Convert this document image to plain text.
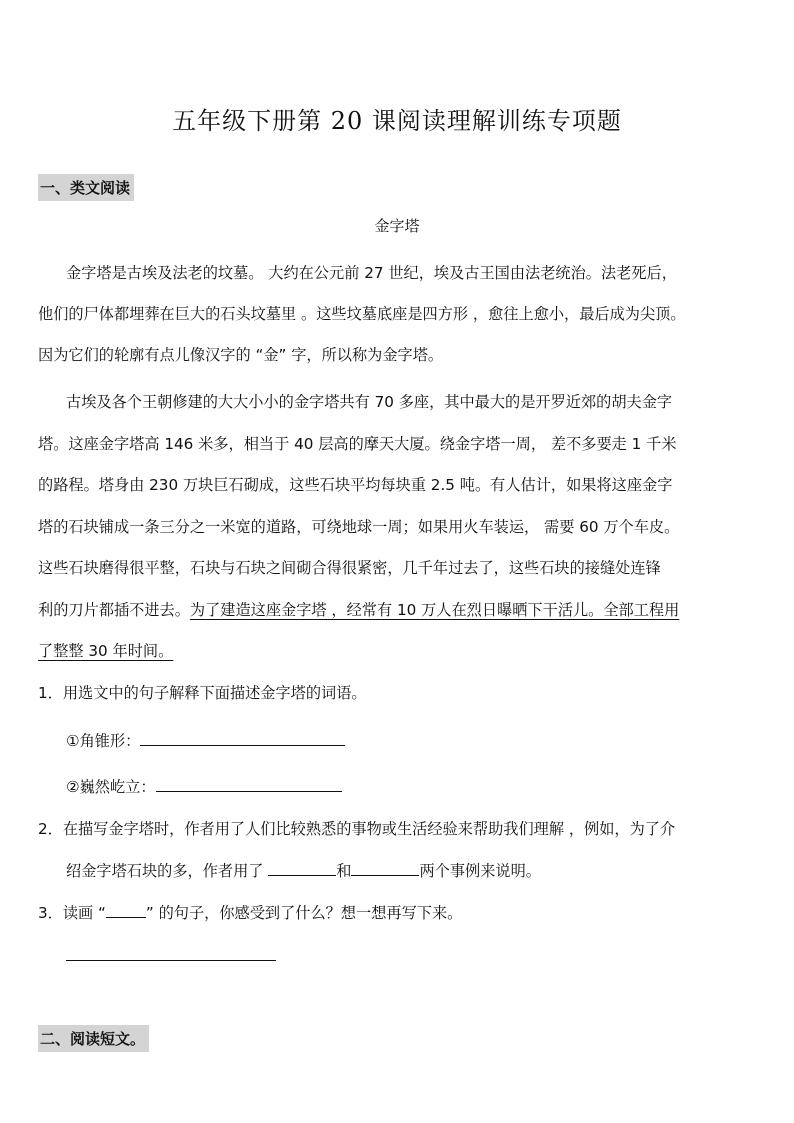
五年级下册第 20 课阅读理解训练专项题
一、类文阅读
金字塔
金字塔是古埃及法老的坟墓。 大约在公元前 27 世纪，埃及古王国由法老统治。法老死后，
他们的尸体都埋葬在巨大的石头坟墓里 。这些坟墓底座是四方形 ，愈往上愈小，最后成为尖顶。
因为它们的轮廓有点儿像汉字的 “金” 字，所以称为金字塔。
古埃及各个王朝修建的大大小小的金字塔共有 70 多座，其中最大的是开罗近郊的胡夫金字
塔。这座金字塔高 146 米多，相当于 40 层高的摩天大厦。绕金字塔一周， 差不多要走 1 千米
的路程。塔身由 230 万块巨石砌成，这些石块平均每块重 2.5 吨。有人估计，如果将这座金字
塔的石块铺成一条三分之一米宽的道路，可绕地球一周；如果用火车装运， 需要 60 万个车皮。
这些石块磨得很平整，石块与石块之间砌合得很紧密，几千年过去了，这些石块的接缝处连锋
利的刀片都插不进去。为了建造这座金字塔 ，经常有 10 万人在烈日曝晒下干活儿。全部工程用
了整整 30 年时间。
1．用选文中的句子解释下面描述金字塔的词语。
①角锥形：
②巍然屹立：
2．在描写金字塔时，作者用了人们比较熟悉的事物或生活经验来帮助我们理解 ，例如，为了介
绍金字塔石块的多，作者用了	和	两个事例来说明。
3．读画 “	” 的句子，你感受到了什么？想一想再写下来。
二、阅读短文。
